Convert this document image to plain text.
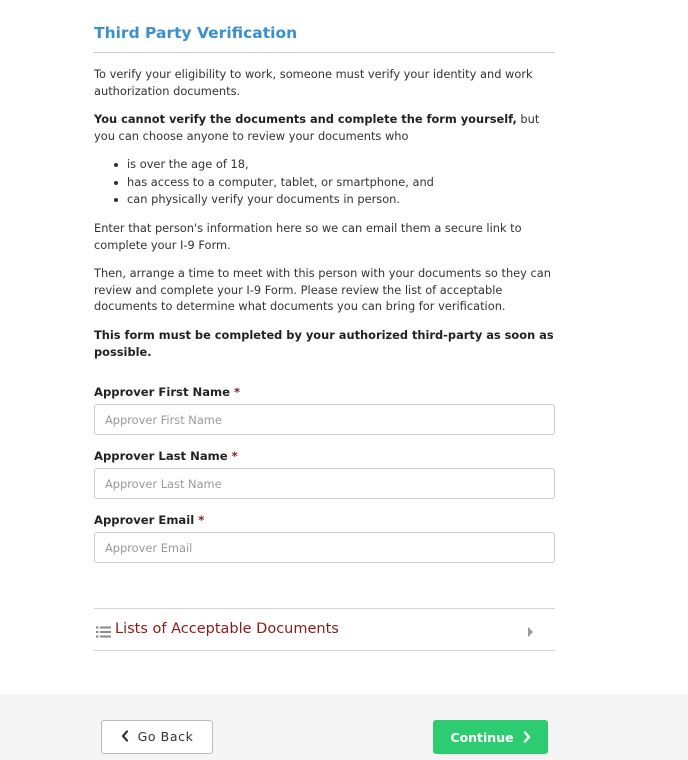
Third Party Verification

To verify your eligibility to work, someone must verify your identity and work authorization documents.

You cannot verify the documents and complete the form yourself, but you can choose anyone to review your documents who

is over the age of 18,
has access to a computer, tablet, or smartphone, and
can physically verify your documents in person.

Enter that person's information here so we can email them a secure link to complete your I-9 Form.

Then, arrange a time to meet with this person with your documents so they can review and complete your I-9 Form. Please review the list of acceptable documents to determine what documents you can bring for verification.

This form must be completed by your authorized third-party as soon as possible.

Approver First Name *
Approver First Name
Approver Last Name *
Approver Last Name
Approver Email *
Approver Email
Lists of Acceptable Documents
Go Back	Continue
